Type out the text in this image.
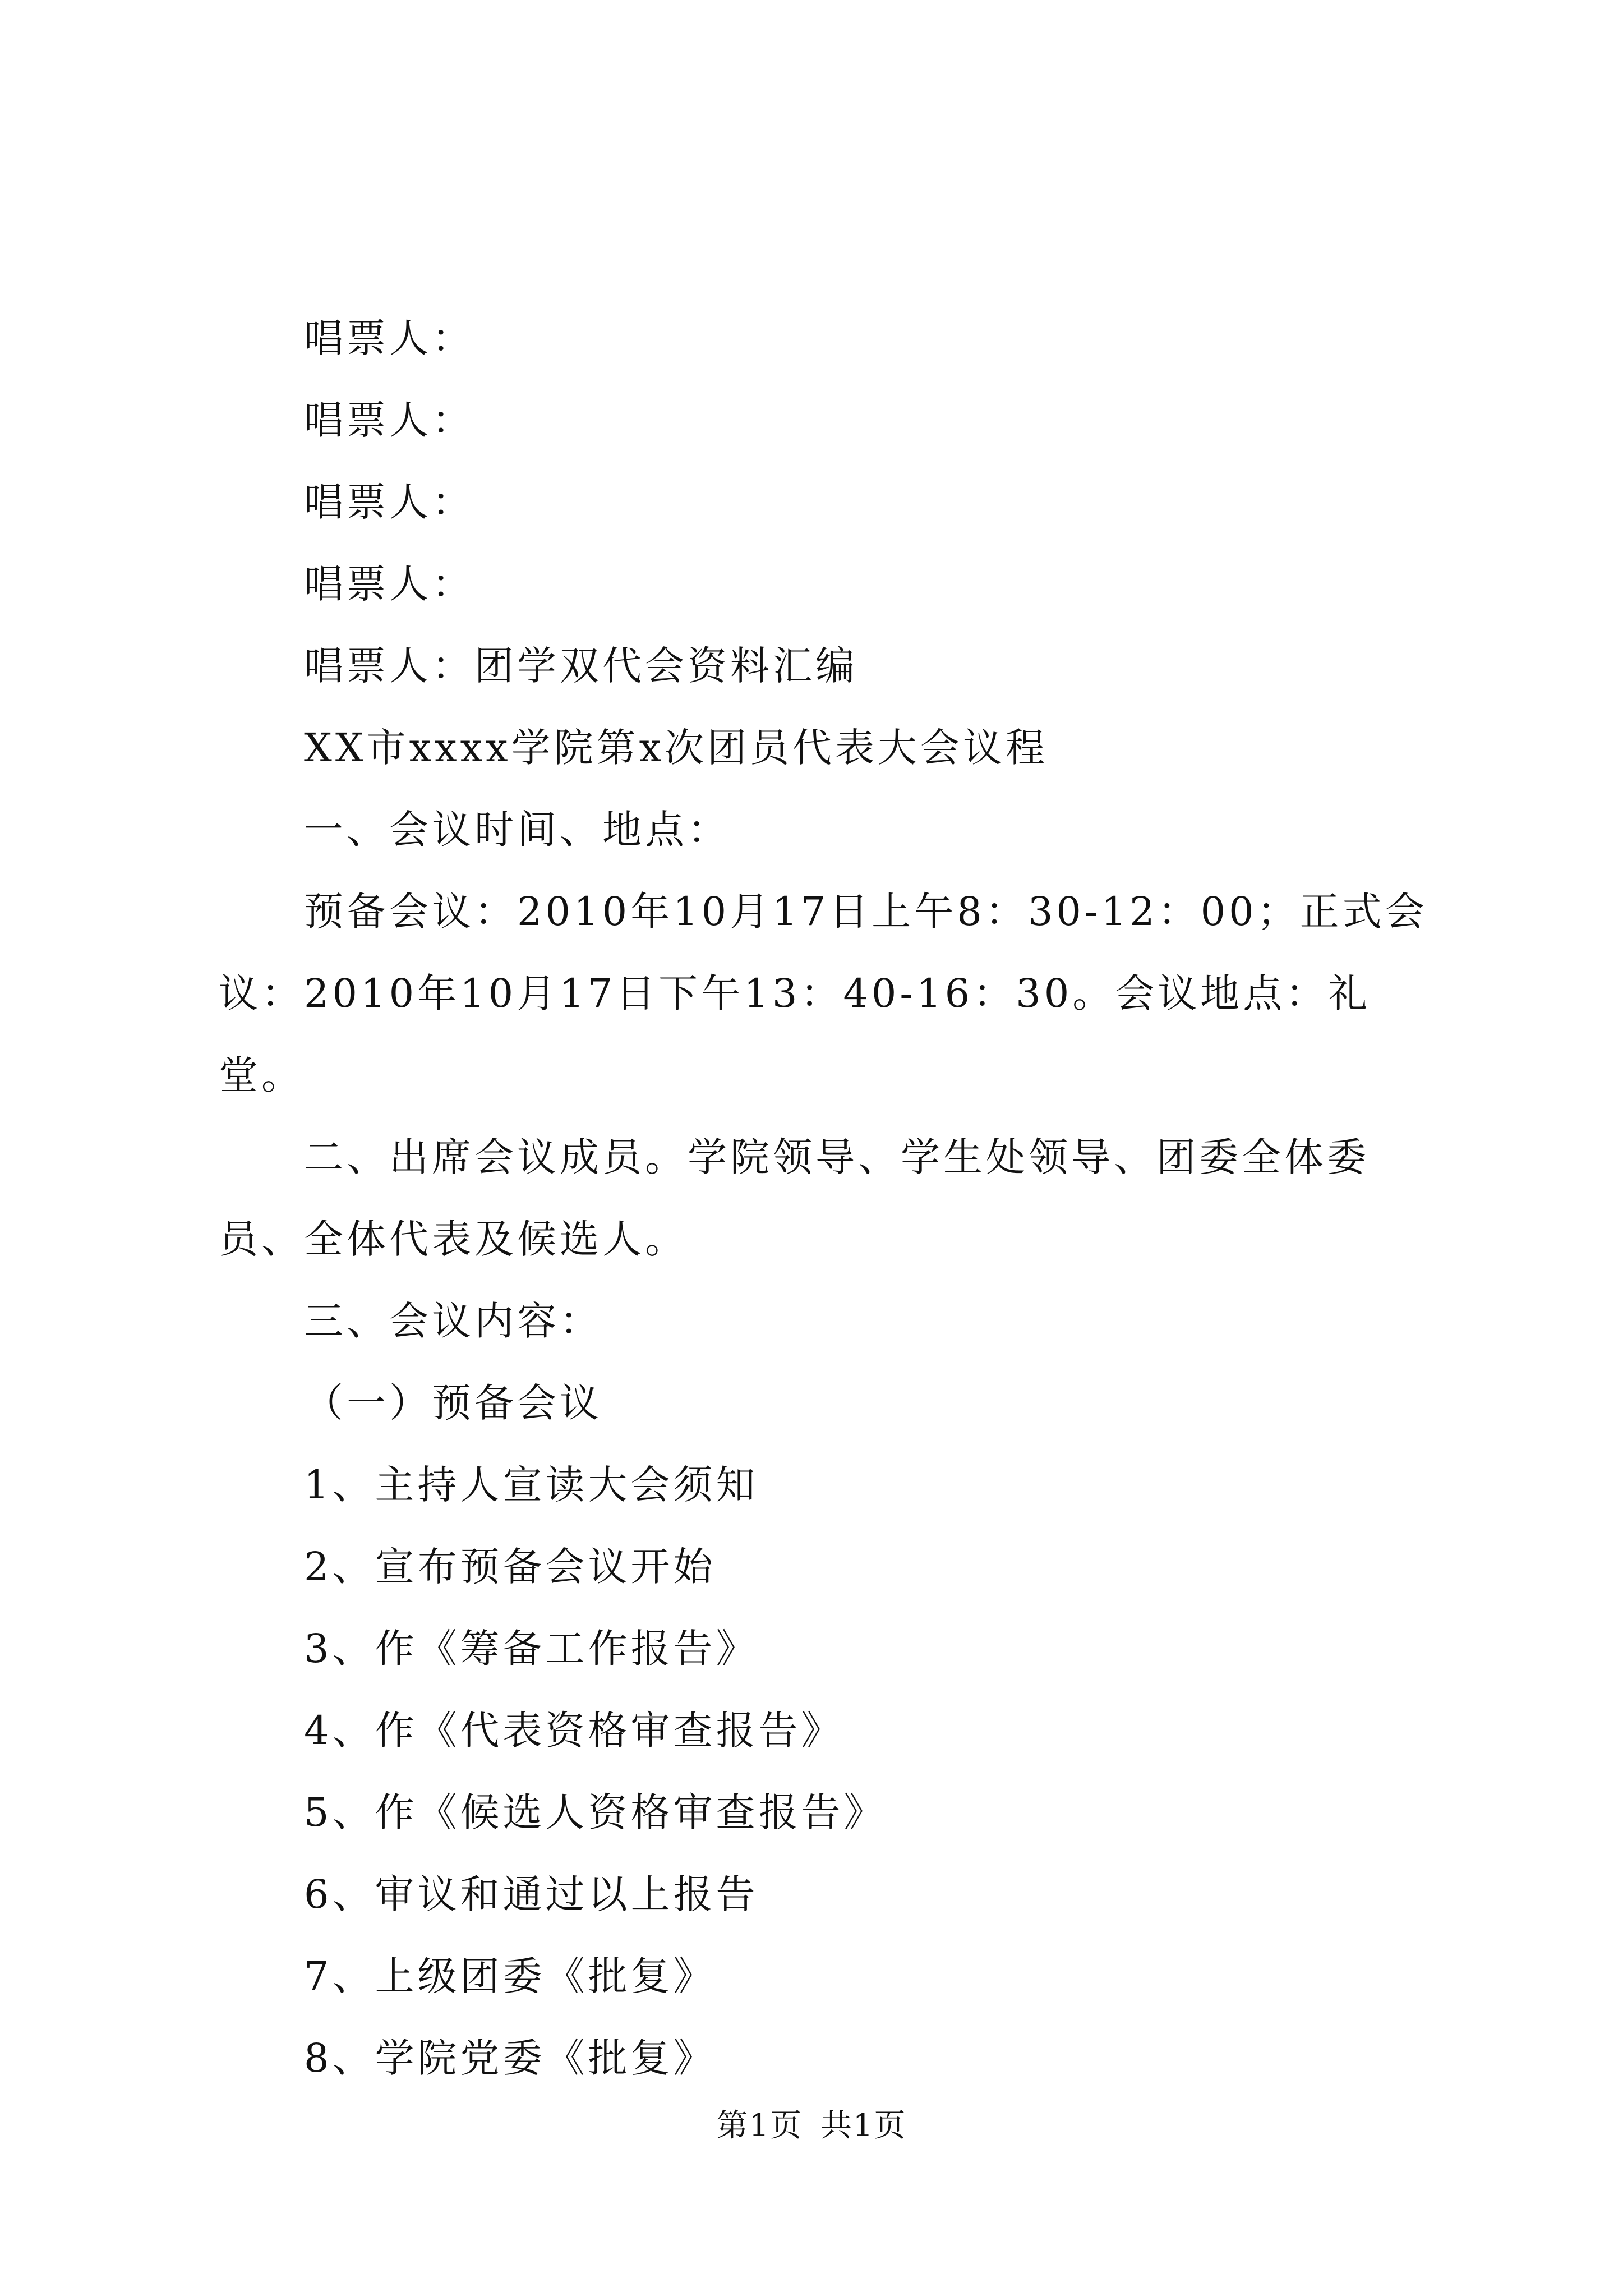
唱票人：

唱票人：

唱票人：

唱票人：

唱票人：团学双代会资料汇编

XX市xxxx学院第x次团员代表大会议程

一、会议时间、地点：

预备会议：2010年10月17日上午8：30-12：00；正式会议：2010年10月17日下午13：40-16：30。会议地点：礼堂。

二、出席会议成员。学院领导、学生处领导、团委全体委员、全体代表及候选人。

三、会议内容：

（一）预备会议

1、主持人宣读大会须知

2、宣布预备会议开始

3、作《筹备工作报告》

4、作《代表资格审查报告》

5、作《候选人资格审查报告》

6、审议和通过以上报告

7、上级团委《批复》

8、学院党委《批复》

第1页 共1页
